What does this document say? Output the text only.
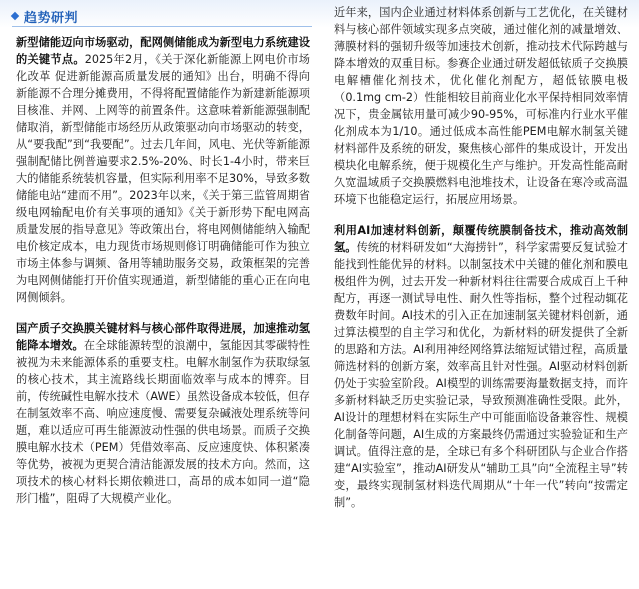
趋势研判

新型储能迈向市场驱动，配网侧储能成为新型电力系统建设的关键节点。2025年2月，《关于深化新能源上网电价市场化改革 促进新能源高质量发展的通知》出台，明确不得向新能源不合理分摊费用，不得将配置储能作为新建新能源项目核准、并网、上网等的前置条件。这意味着新能源强制配储取消，新型储能市场经历从政策驱动向市场驱动的转变，从“要我配”到“我要配”。过去几年间，风电、光伏等新能源强制配储比例普遍要求2.5%-20%、时长1-4小时，带来巨大的储能系统装机容量，但实际利用率不足30%，导致多数储能电站“建而不用”。2023年以来，《关于第三监管周期省级电网输配电价有关事项的通知》《关于新形势下配电网高质量发展的指导意见》等政策出台，将电网侧储能纳入输配电价核定成本，电力现货市场规则修订明确储能可作为独立市场主体参与调频、备用等辅助服务交易，政策框架的完善为电网侧储能打开价值实现通道，新型储能的重心正在向电网侧倾斜。

国产质子交换膜关键材料与核心部件取得进展，加速推动氢能降本增效。在全球能源转型的浪潮中，氢能因其零碳特性被视为未来能源体系的重要支柱。电解水制氢作为获取绿氢的核心技术，其主流路线长期面临效率与成本的博弈。目前，传统碱性电解水技术（AWE）虽然设备成本较低，但存在制氢效率不高、响应速度慢、需要复杂碱液处理系统等问题，难以适应可再生能源波动性强的供电场景。而质子交换膜电解水技术（PEM）凭借效率高、反应速度快、体积紧凑等优势，被视为更契合清洁能源发展的技术方向。然而，这项技术的核心材料长期依赖进口，高昂的成本如同一道“隐形门槛”，阻碍了大规模产业化。

近年来，国内企业通过材料体系创新与工艺优化，在关键材料与核心部件领域实现多点突破，通过催化剂的减量增效、薄膜材料的强韧升级等加速技术创新，推动技术代际跨越与降本增效的双重目标。参赛企业通过研发超低铱质子交换膜电解槽催化剂技术，优化催化剂配方，超低铱膜电极（0.1mg cm-2）性能相较目前商业化水平保持相同效率情况下，贵金属铱用量可减少90-95%，可标准内行业水平催化剂成本为1/10。通过低成本高性能PEM电解水制氢关键材料部件及系统的研发，聚焦核心部件的集成设计，开发出模块化电解系统，便于规模化生产与维护。开发高性能高耐久宽温域质子交换膜燃料电池堆技术，让设备在寒冷或高温环境下也能稳定运行，拓展应用场景。

利用AI加速材料创新，颠覆传统膜制备技术，推动高效制氢。传统的材料研发如“大海捞针”，科学家需要反复试验才能找到性能优异的材料。以制氢技术中关键的催化剂和膜电极组件为例，过去开发一种新材料往往需要合成成百上千种配方，再逐一测试导电性、耐久性等指标，整个过程动辄花费数年时间。AI技术的引入正在加速制氢关键材料创新，通过算法模型的自主学习和优化，为新材料的研发提供了全新的思路和方法。AI利用神经网络算法缩短试错过程，高质量筛选材料的创新方案，效率高且针对性强。AI驱动材料创新仍处于实验室阶段。AI模型的训练需要海量数据支持，而许多新材料缺乏历史实验记录，导致预测准确性受限。此外，AI设计的理想材料在实际生产中可能面临设备兼容性、规模化制备等问题，AI生成的方案最终仍需通过实验验证和生产调试。值得注意的是，全球已有多个科研团队与企业合作搭建“AI实验室”，推动AI研发从“辅助工具”向“全流程主导”转变，最终实现制氢材料迭代周期从“十年一代”转向“按需定制”。
